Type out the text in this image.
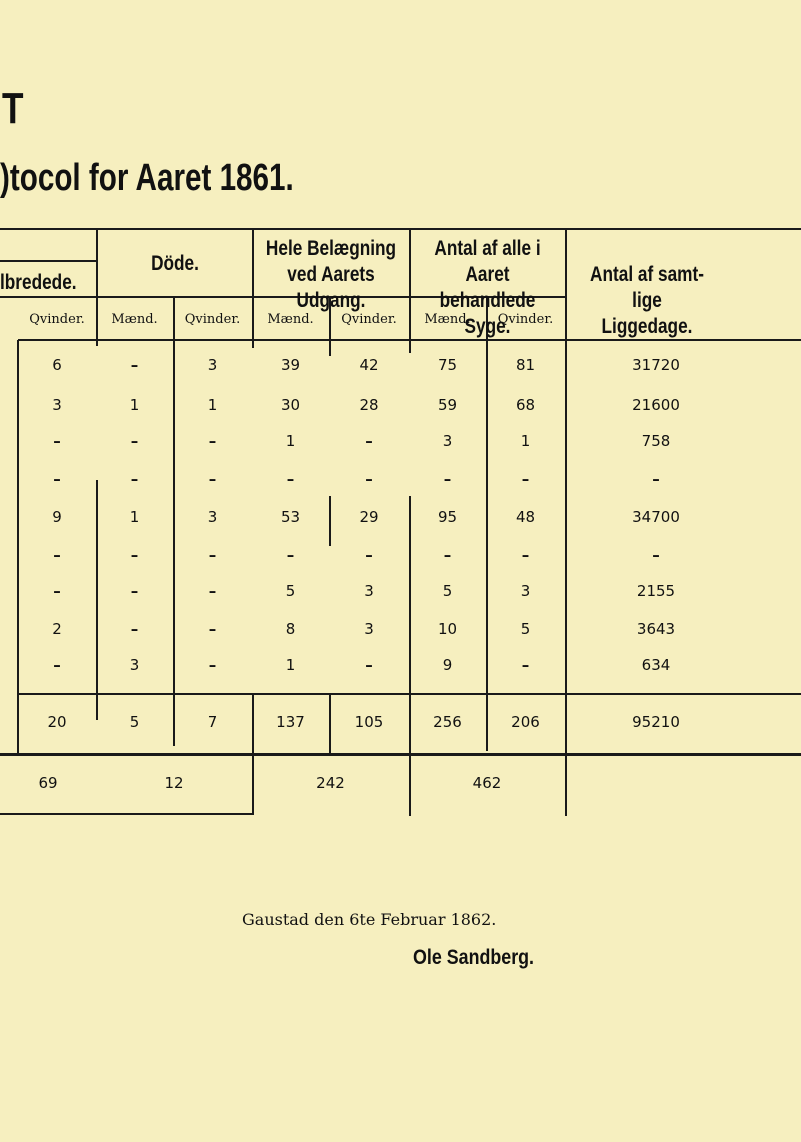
T
)tocol for Aaret 1861.
Döde.
Hele Belægning ved Aarets Udgang.
Antal af alle i Aaret behandlede Syge.
Antal af samt-lige Liggedage.
lbredede.
Qvinder.	Mænd.	Qvinder.	Mænd.	Qvinder.	Mænd.	Qvinder.
6	–	3	39	42	75	81	31720
3	1	1	30	28	59	68	21600
–	–	–	1	–	3	1	758
–	–	–	–	–	–	–	–
9	1	3	53	29	95	48	34700
–	–	–	–	–	–	–	–
–	–	–	5	3	5	3	2155
2	–	–	8	3	10	5	3643
–	3	–	1	–	9	–	634
20	5	7	137	105	256	206	95210
69	12	242	462
Gaustad den 6te Februar 1862.
Ole Sandberg.
